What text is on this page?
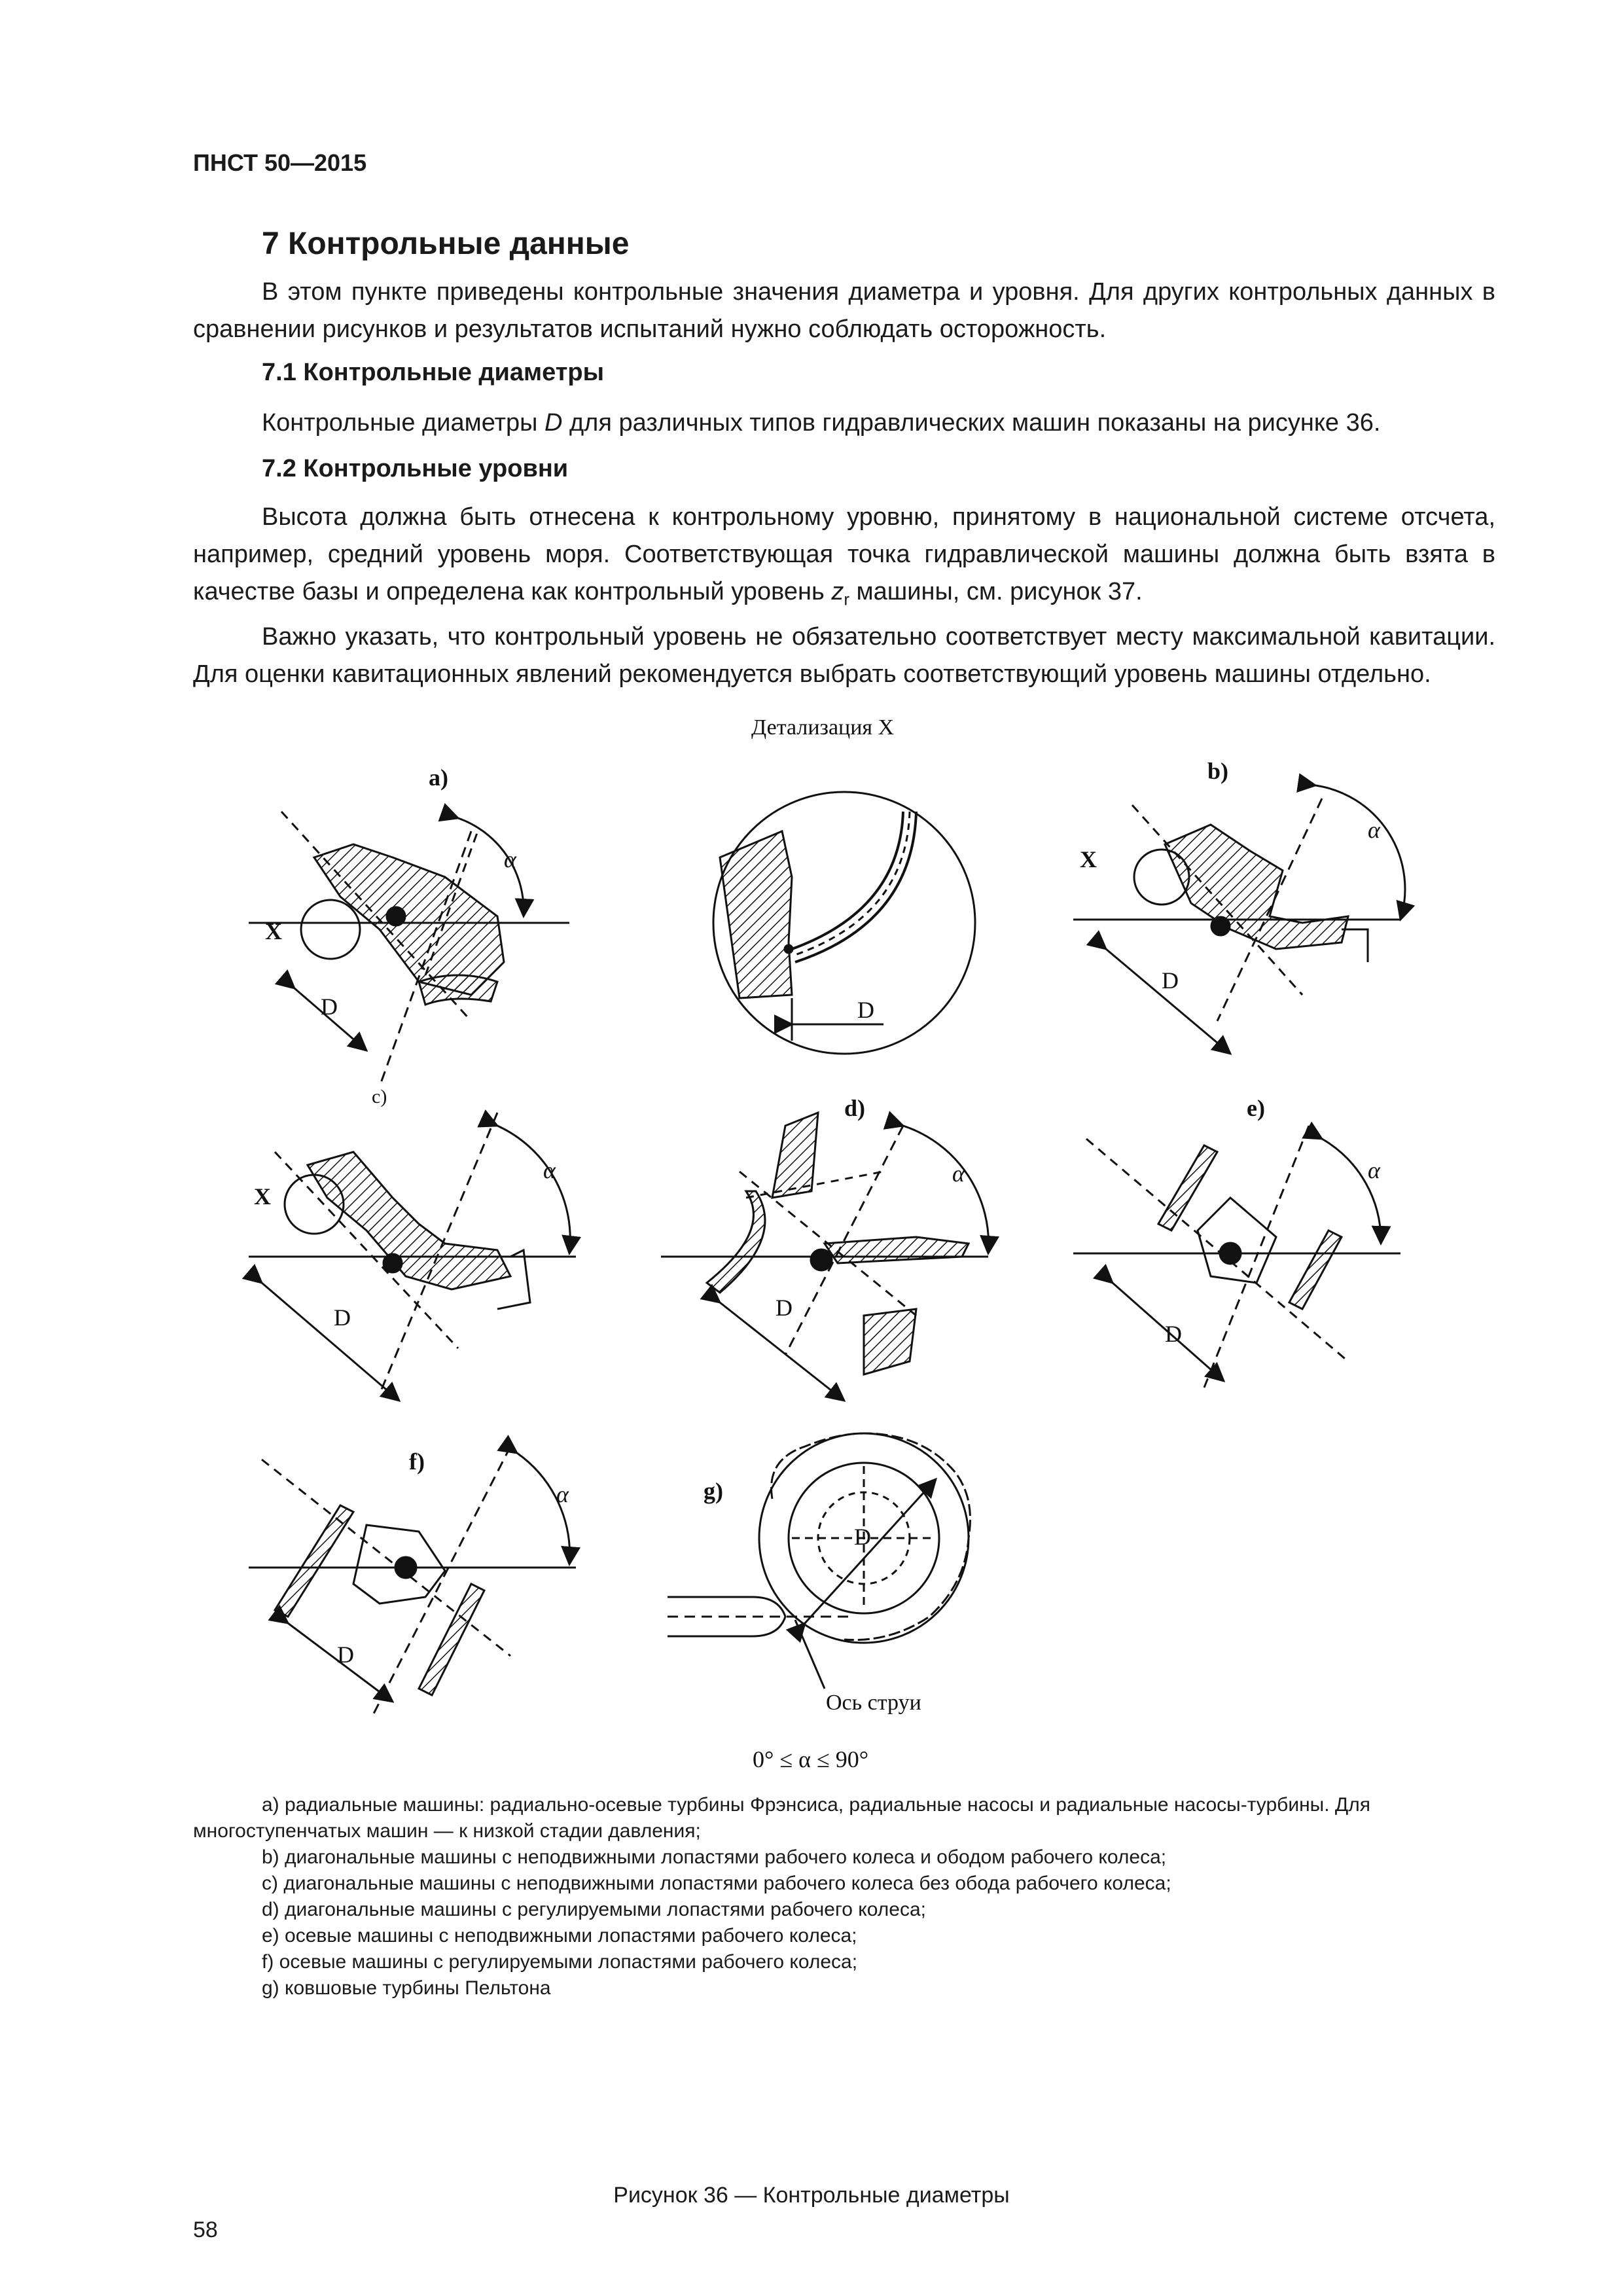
ПНСТ 50—2015
7 Контрольные данные

В этом пункте приведены контрольные значения диаметра и уровня. Для других контрольных данных в сравнении рисунков и результатов испытаний нужно соблюдать осторожность.

7.1 Контрольные диаметры

Контрольные диаметры D для различных типов гидравлических машин показаны на рисунке 36.

7.2 Контрольные уровни

Высота должна быть отнесена к контрольному уровню, принятому в национальной системе отсчета, например, средний уровень моря. Соответствующая точка гидравлической машины должна быть взята в качестве базы и определена как контрольный уровень $z_r$ машины, см. рисунок 37.

Важно указать, что контрольный уровень не обязательно соответствует месту максимальной кавитации. Для оценки кавитационных явлений рекомендуется выбрать соответствующий уровень машины отдельно.

Детализация X
a)	b)
c)	d)	e)
f)
g)
X
X
X
D	D
D
D	D
D
D
D
α
α
α	α	α
α
Ось струи
0° ≤ α ≤ 90°
a) радиальные машины: радиально-осевые турбины Фрэнсиса, радиальные насосы и радиальные насосы-турбины. Для многоступенчатых машин — к низкой стадии давления;
b) диагональные машины с неподвижными лопастями рабочего колеса и ободом рабочего колеса;
c) диагональные машины с неподвижными лопастями рабочего колеса без обода рабочего колеса;
d) диагональные машины с регулируемыми лопастями рабочего колеса;
e) осевые машины с неподвижными лопастями рабочего колеса;
f) осевые машины с регулируемыми лопастями рабочего колеса;
g) ковшовые турбины Пельтона
Рисунок 36 — Контрольные диаметры
58
